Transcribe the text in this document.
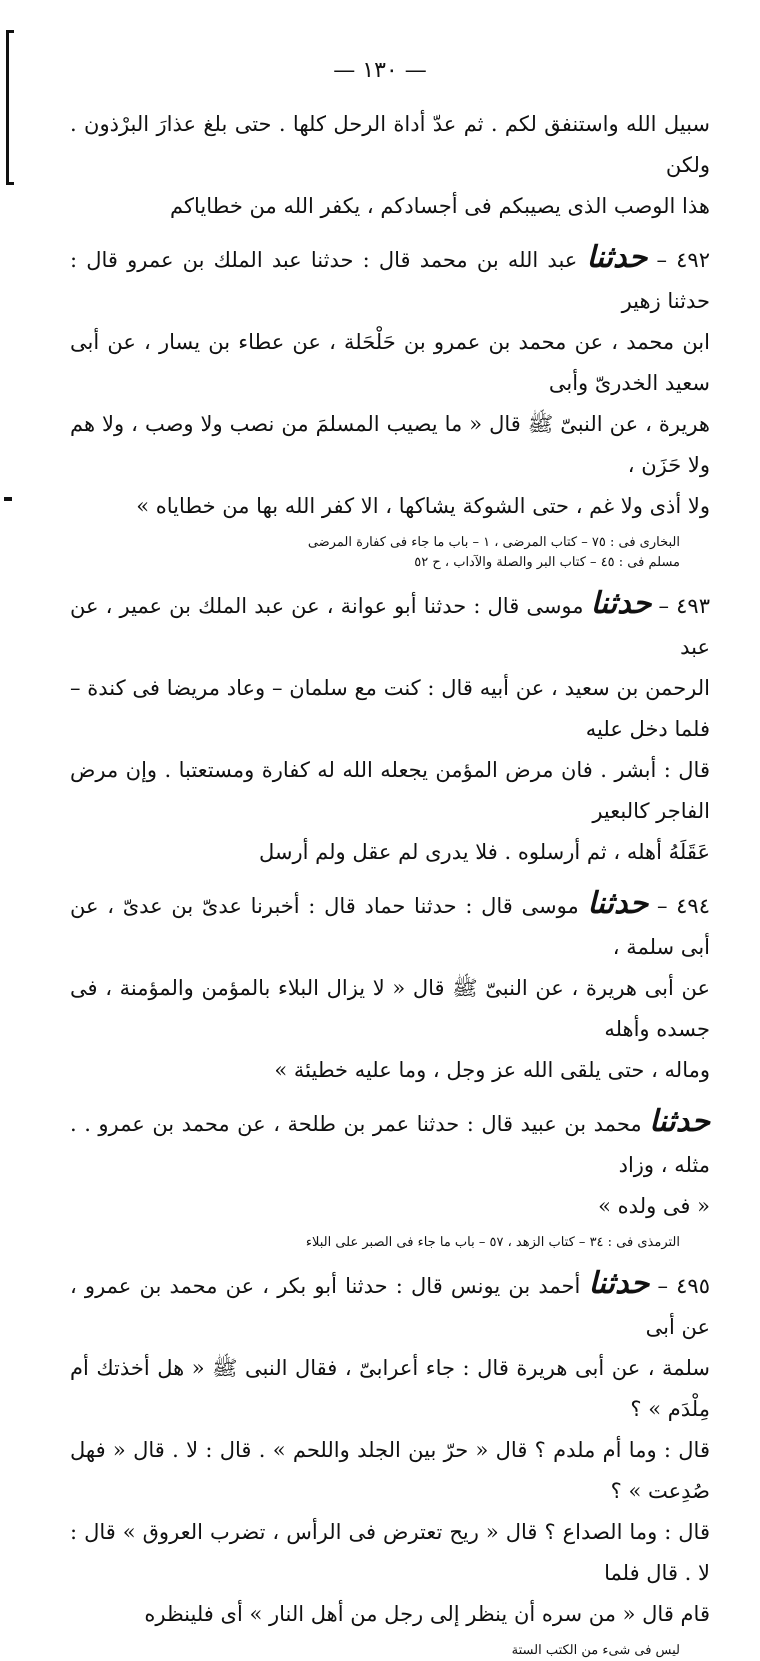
— ١٣٠ —
سبيل الله واستنفق لكم . ثم عدّ أداة الرحل كلها . حتى بلغ عذارَ البرْذون . ولكن
هذا الوصب الذى يصيبكم فى أجسادكم ، يكفر الله من خطاياكم
٤٩٢ – حدثنا عبد الله بن محمد قال : حدثنا عبد الملك بن عمرو قال : حدثنا زهير
ابن محمد ، عن محمد بن عمرو بن حَلْحَلة ، عن عطاء بن يسار ، عن أبى سعيد الخدرىّ وأبى
هريرة ، عن النبىّ ﷺ قال « ما يصيب المسلمَ من نصب ولا وصب ، ولا هم ولا حَزَن ،
ولا أذى ولا غم ، حتى الشوكة يشاكها ، الا كفر الله بها من خطاياه »
البخارى فى : ٧٥ – كتاب المرضى ، ١ – باب ما جاء فى كفارة المرضى
مسلم فى : ٤٥ – كتاب البر والصلة والآداب ، ح ٥٢
٤٩٣ – حدثنا موسى قال : حدثنا أبو عوانة ، عن عبد الملك بن عمير ، عن عبد
الرحمن بن سعيد ، عن أبيه قال : كنت مع سلمان – وعاد مريضا فى كندة – فلما دخل عليه
قال : أبشر . فان مرض المؤمن يجعله الله له كفارة ومستعتبا . وإن مرض الفاجر كالبعير
عَقَلَهُ أهله ، ثم أرسلوه . فلا يدرى لم عقل ولم أرسل
٤٩٤ – حدثنا موسى قال : حدثنا حماد قال : أخبرنا عدىّ بن عدىّ ، عن أبى سلمة ،
عن أبى هريرة ، عن النبىّ ﷺ قال « لا يزال البلاء بالمؤمن والمؤمنة ، فى جسده وأهله
وماله ، حتى يلقى الله عز وجل ، وما عليه خطيئة »
حدثنا محمد بن عبيد قال : حدثنا عمر بن طلحة ، عن محمد بن عمرو . . مثله ، وزاد
« فى ولده »
الترمذى فى : ٣٤ – كتاب الزهد ، ٥٧ – باب ما جاء فى الصبر على البلاء
٤٩٥ – حدثنا أحمد بن يونس قال : حدثنا أبو بكر ، عن محمد بن عمرو ، عن أبى
سلمة ، عن أبى هريرة قال : جاء أعرابىّ ، فقال النبى ﷺ « هل أخذتك أم مِلْدَم » ؟
قال : وما أم ملدم ؟ قال « حرّ بين الجلد واللحم » . قال : لا . قال « فهل صُدِعت » ؟
قال : وما الصداع ؟ قال « ريح تعترض فى الرأس ، تضرب العروق » قال : لا . قال فلما
قام قال « من سره أن ينظر إلى رجل من أهل النار » أى فلينظره
ليس فى شىء من الكتب الستة
